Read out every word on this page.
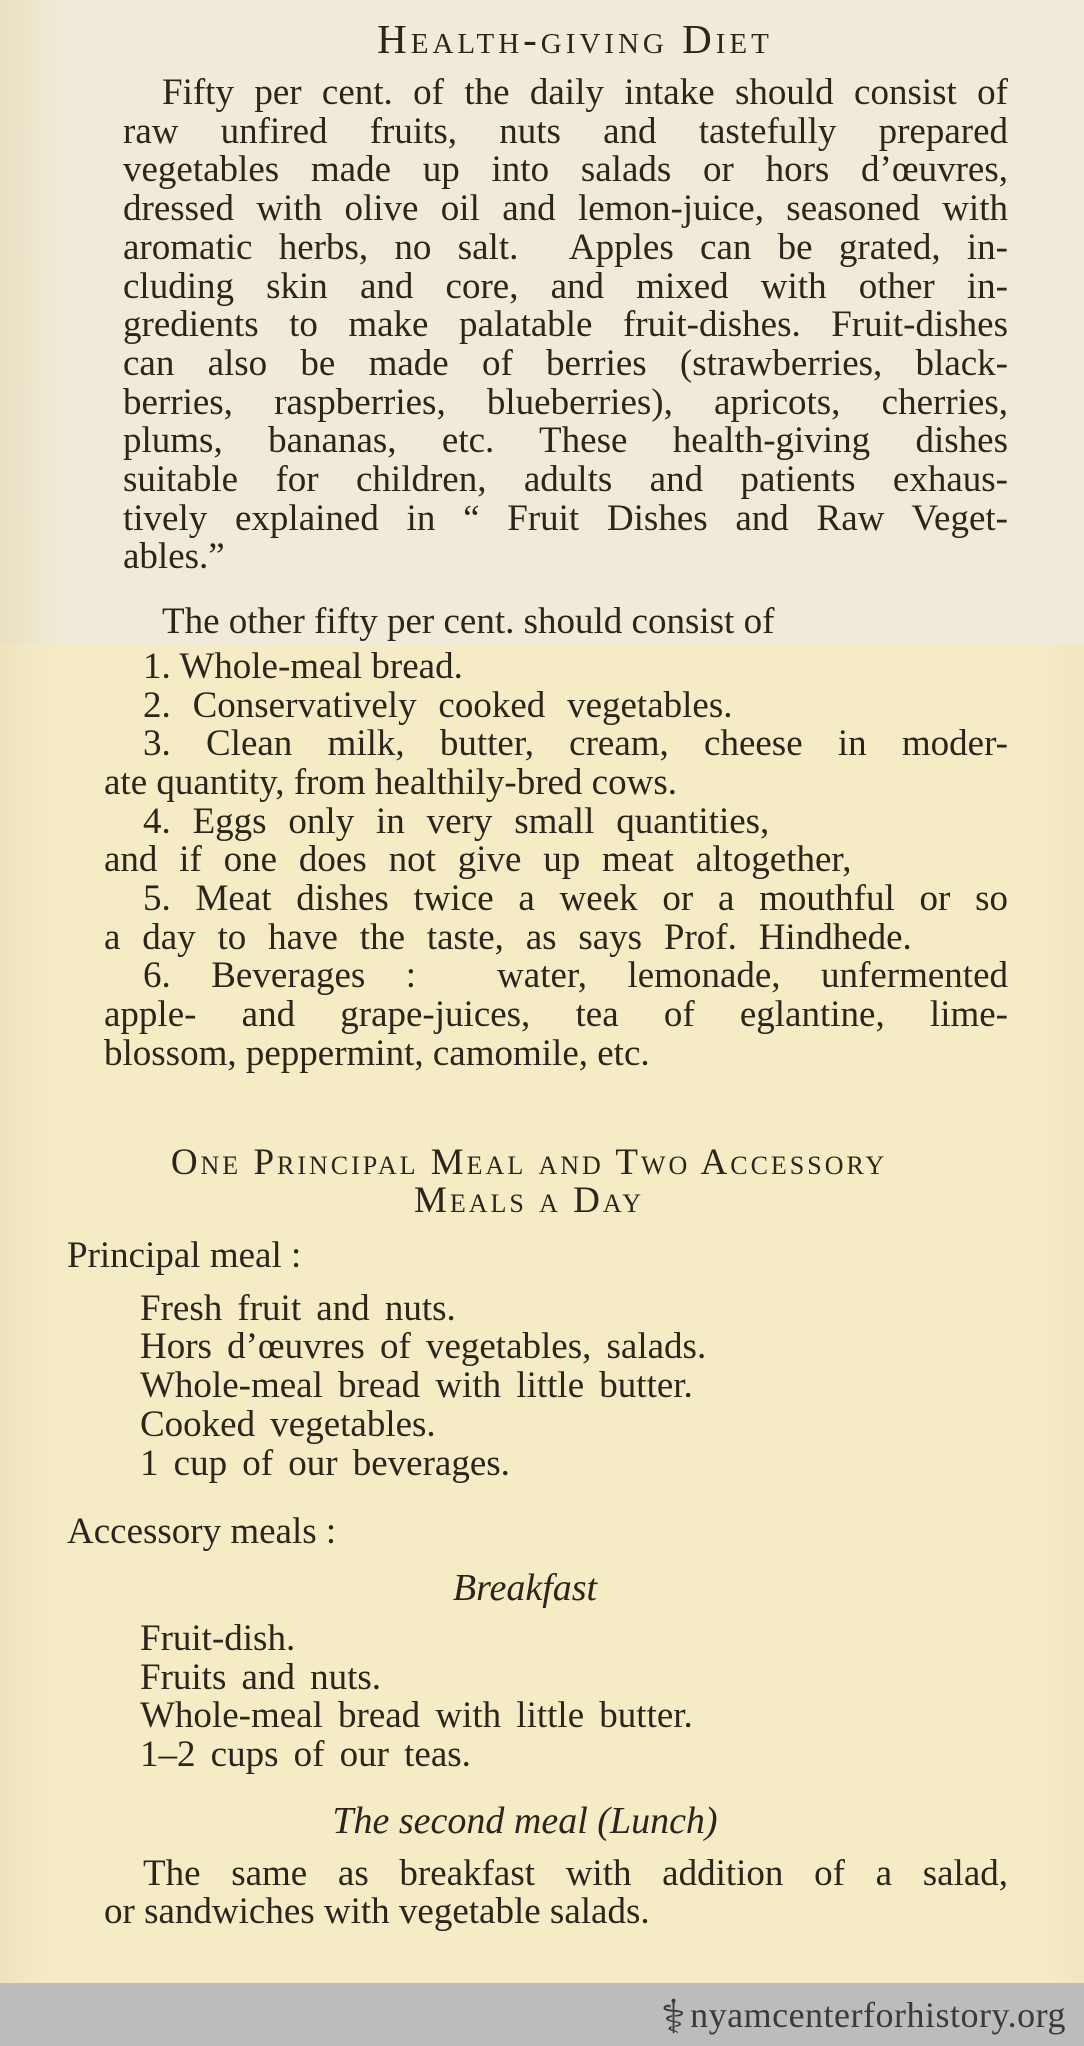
Health-giving Diet
Fifty per cent. of the daily intake should consist of
raw unfired fruits, nuts and tastefully prepared
vegetables made up into salads or hors d’œuvres,
dressed with olive oil and lemon-juice, seasoned with
aromatic herbs, no salt.  Apples can be grated, in-
cluding skin and core, and mixed with other in-
gredients to make palatable fruit-dishes. Fruit-dishes
can also be made of berries (strawberries, black-
berries, raspberries, blueberries), apricots, cherries,
plums, bananas, etc. These health-giving dishes
suitable for children, adults and patients exhaus-
tively explained in “ Fruit Dishes and Raw Veget-
ables.”
The other fifty per cent. should consist of
1. Whole-meal bread.
2. Conservatively cooked vegetables.
3. Clean milk, butter, cream, cheese in moder-
ate quantity, from healthily-bred cows.
4. Eggs only in very small quantities,
and if one does not give up meat altogether,
5. Meat dishes twice a week or a mouthful or so
a day to have the taste, as says Prof. Hindhede.
6. Beverages :  water, lemonade, unfermented
apple- and grape-juices, tea of eglantine, lime-
blossom, peppermint, camomile, etc.
One Principal Meal and Two Accessory
Meals a Day
Principal meal :
Fresh fruit and nuts.
Hors d’œuvres of vegetables, salads.
Whole-meal bread with little butter.
Cooked vegetables.
1 cup of our beverages.
Accessory meals :
Breakfast
Fruit-dish.
Fruits and nuts.
Whole-meal bread with little butter.
1–2 cups of our teas.
The second meal (Lunch)
The same as breakfast with addition of a salad,
or sandwiches with vegetable salads.
⚕ nyamcenterforhistory.org
